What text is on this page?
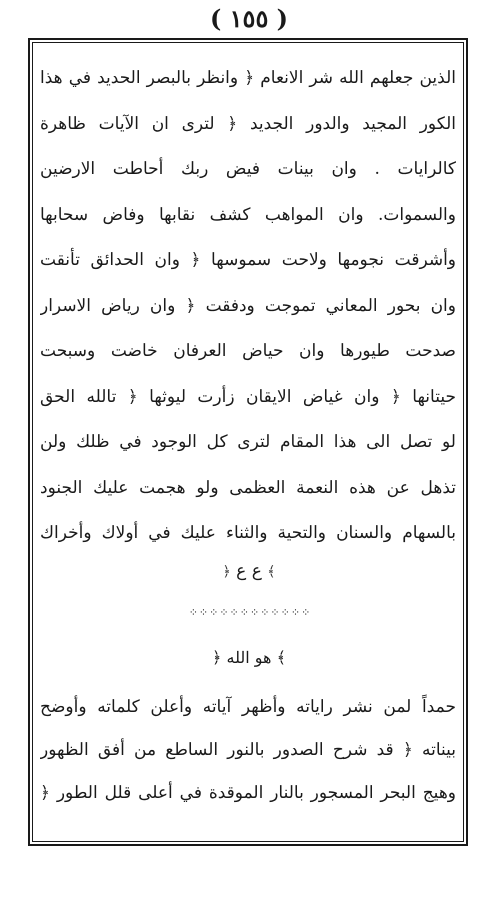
( ١٥٥ )
الذين جعلهم الله شر الانعام ﴿ وانظر بالبصر الحديد في هذا
الكور المجيد والدور الجديد ﴿ لترى ان الآيات ظاهرة
كالرايات . وان بينات فيض ربك أحاطت الارضين
والسموات. وان المواهب كشف نقابها وفاض سحابها
وأشرقت نجومها ولاحت سموسها ﴿ وان الحدائق تأنقت
وان بحور المعاني تموجت ودفقت ﴿ وان رياض الاسرار
صدحت طيورها وان حياض العرفان خاضت وسبحت
حيتانها ﴿ وان غياض الايقان زأرت ليوثها ﴿ تالله الحق
لو تصل الى هذا المقام لترى كل الوجود في ظلك ولن
تذهل عن هذه النعمة العظمى ولو هجمت عليك الجنود
بالسهام والسنان والتحية والثناء عليك في أولاك وأخراك
﴾ ع ع ﴿
⁘⁘⁘⁘⁘⁘⁘⁘⁘⁘⁘⁘
﴾ هو الله ﴿
حمداً لمن نشر راياته وأظهر آياته وأعلن كلماته وأوضح
بيناته ﴿ قد شرح الصدور بالنور الساطع من أفق الظهور
وهيج البحر المسجور بالنار الموقدة في أعلى قلل الطور ﴿
